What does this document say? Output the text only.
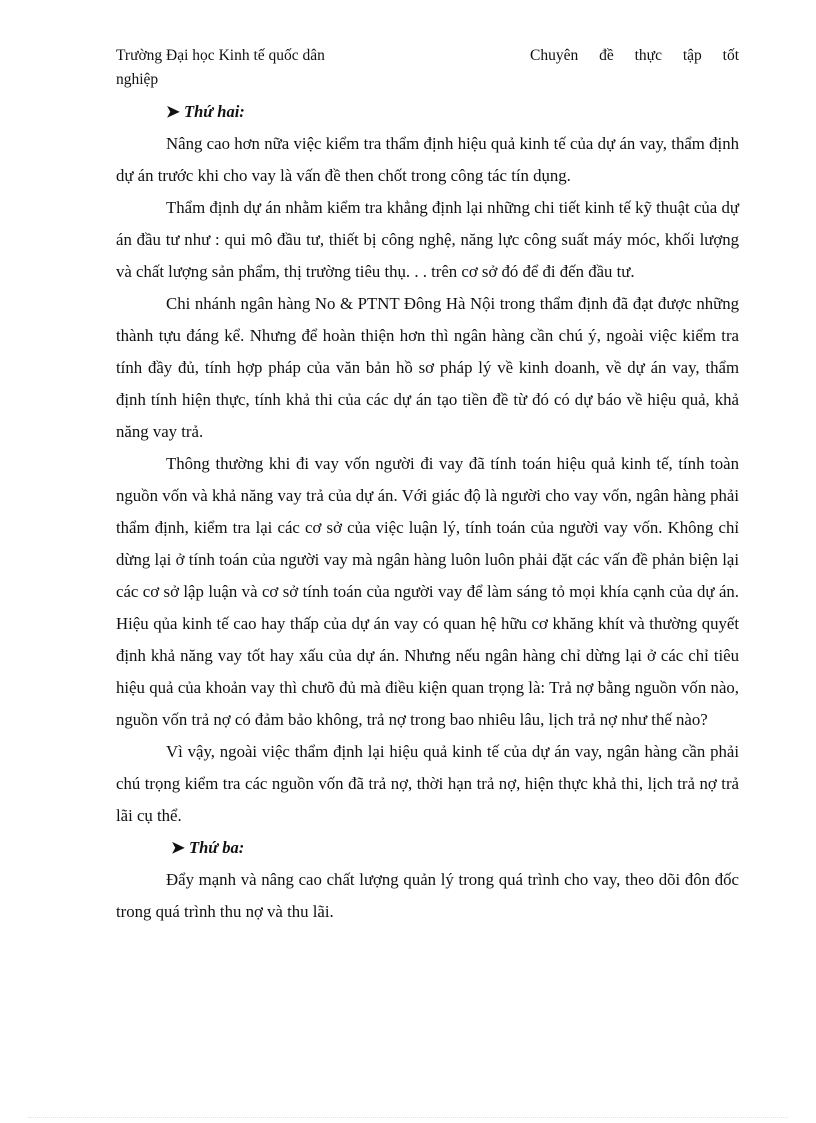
Trường Đại học Kinh tế quốc dân
nghiệp
Chuyên đề thực tập tốt
➤ Thứ hai:

Nâng cao hơn nữa việc kiểm tra thẩm định hiệu quả kinh tế của dự án vay, thẩm định dự án trước khi cho vay là vấn đề then chốt trong công tác tín dụng.

Thẩm định dự án nhằm kiểm tra khẳng định lại những chi tiết kinh tế kỹ thuật của dự án đầu tư như : qui mô đầu tư, thiết bị công nghệ, năng lực công suất máy móc, khối lượng và chất lượng sản phẩm, thị trường tiêu thụ. . . trên cơ sở đó để đi đến đầu tư.

Chi nhánh ngân hàng No & PTNT Đông Hà Nội trong thẩm định đã đạt được những thành tựu đáng kể. Nhưng để hoàn thiện hơn thì ngân hàng cần chú ý, ngoài việc kiểm tra tính đầy đủ, tính hợp pháp của văn bản hồ sơ pháp lý về kinh doanh, về dự án vay, thẩm định tính hiện thực, tính khả thi của các dự án tạo tiền đề từ đó có dự báo về hiệu quả, khả năng vay trả.

Thông thường khi đi vay vốn người đi vay đã tính toán hiệu quả kinh tế, tính toàn nguồn vốn và khả năng vay trả của dự án. Với giác độ là người cho vay vốn, ngân hàng phải thẩm định, kiểm tra lại các cơ sở của việc luận lý, tính toán của người vay vốn. Không chỉ dừng lại ở tính toán của người vay mà ngân hàng luôn luôn phải đặt các vấn đề phản biện lại các cơ sở lập luận và cơ sở tính toán của người vay để làm sáng tỏ mọi khía cạnh của dự án. Hiệu qủa kinh tế cao hay thấp của dự án vay có quan hệ hữu cơ khăng khít và thường quyết định khả năng vay tốt hay xấu của dự án. Nhưng nếu ngân hàng chỉ dừng lại ở các chỉ tiêu hiệu quả của khoản vay thì chưõ đủ mà điều kiện quan trọng là: Trả nợ bằng nguồn vốn nào, nguồn vốn trả nợ có đảm bảo không, trả nợ trong bao nhiêu lâu, lịch trả nợ như thế nào?

Vì vậy, ngoài việc thẩm định lại hiệu quả kinh tế của dự án vay, ngân hàng cần phải chú trọng kiểm tra các nguồn vốn đã trả nợ, thời hạn trả nợ, hiện thực khả thi, lịch trả nợ trả lãi cụ thể.

➤ Thứ ba:

Đẩy mạnh và nâng cao chất lượng quản lý trong quá trình cho vay, theo dõi đôn đốc trong quá trình thu nợ và thu lãi.
